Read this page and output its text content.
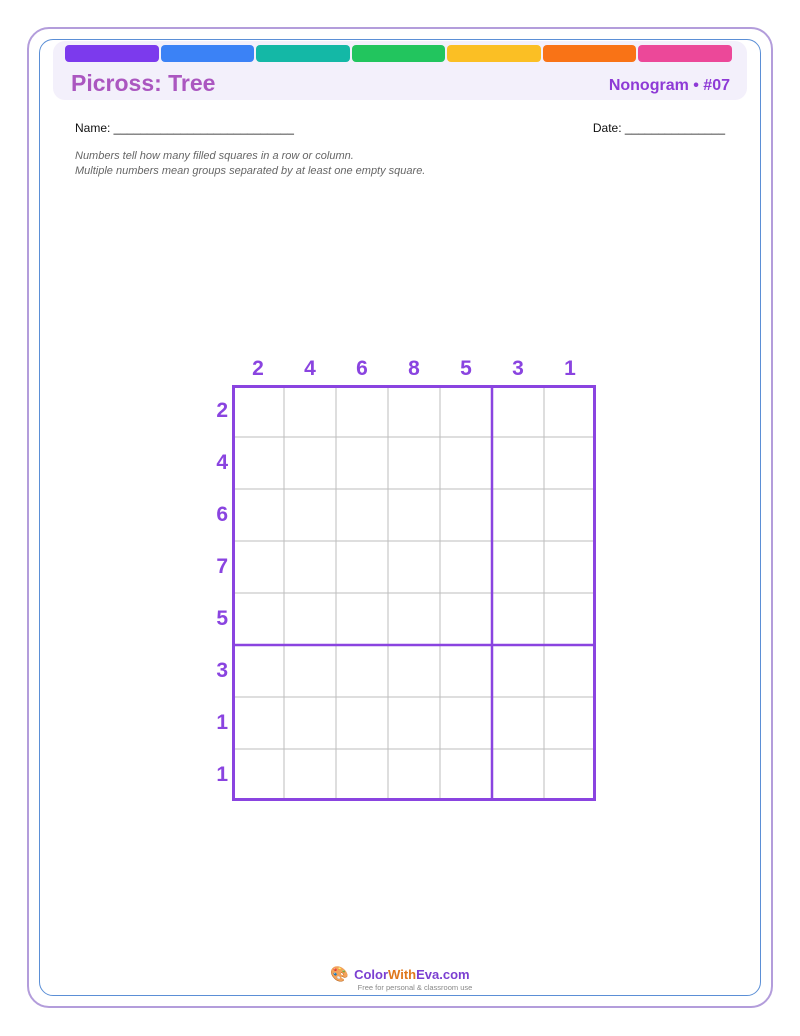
Picross: Tree	Nonogram • #07
Name: ___________________________	Date: _______________
Numbers tell how many filled squares in a row or column.
Multiple numbers mean groups separated by at least one empty square.
2	4	6	8	5	3	1
2
4
6
7
5
3
1
1
🎨 ColorWithEva.com
Free for personal & classroom use
